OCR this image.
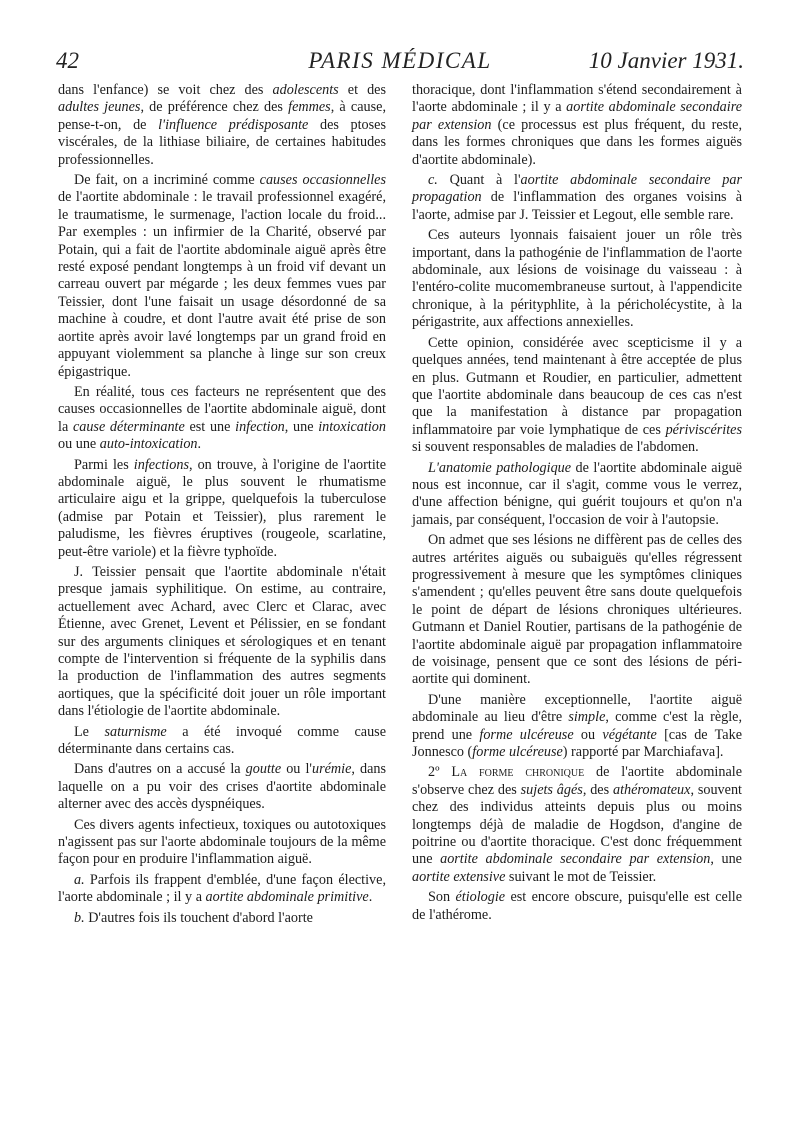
42	PARIS MÉDICAL	10 Janvier 1931.

dans l'enfance) se voit chez des adolescents et des adultes jeunes, de préférence chez des femmes, à cause, pense-t-on, de l'influence prédisposante des ptoses viscérales, de la lithiase biliaire, de certaines habitudes professionnelles.

De fait, on a incriminé comme causes occasionnelles de l'aortite abdominale : le travail professionnel exagéré, le traumatisme, le surmenage, l'action locale du froid... Par exemples : un infirmier de la Charité, observé par Potain, qui a fait de l'aortite abdominale aiguë après être resté exposé pendant longtemps à un froid vif devant un carreau ouvert par mégarde ; les deux femmes vues par Teissier, dont l'une faisait un usage désordonné de sa machine à coudre, et dont l'autre avait été prise de son aortite après avoir lavé longtemps par un grand froid en appuyant violemment sa planche à linge sur son creux épigastrique.

En réalité, tous ces facteurs ne représentent que des causes occasionnelles de l'aortite abdominale aiguë, dont la cause déterminante est une infection, une intoxication ou une auto-intoxication.

Parmi les infections, on trouve, à l'origine de l'aortite abdominale aiguë, le plus souvent le rhumatisme articulaire aigu et la grippe, quelquefois la tuberculose (admise par Potain et Teissier), plus rarement le paludisme, les fièvres éruptives (rougeole, scarlatine, peut-être variole) et la fièvre typhoïde.

J. Teissier pensait que l'aortite abdominale n'était presque jamais syphilitique. On estime, au contraire, actuellement avec Achard, avec Clerc et Clarac, avec Étienne, avec Grenet, Levent et Pélissier, en se fondant sur des arguments cliniques et sérologiques et en tenant compte de l'intervention si fréquente de la syphilis dans la production de l'inflammation des autres segments aortiques, que la spécificité doit jouer un rôle important dans l'étiologie de l'aortite abdominale.

Le saturnisme a été invoqué comme cause déterminante dans certains cas.

Dans d'autres on a accusé la goutte ou l'urémie, dans laquelle on a pu voir des crises d'aortite abdominale alterner avec des accès dyspnéiques.

Ces divers agents infectieux, toxiques ou autotoxiques n'agissent pas sur l'aorte abdominale toujours de la même façon pour en produire l'inflammation aiguë.

a. Parfois ils frappent d'emblée, d'une façon élective, l'aorte abdominale ; il y a aortite abdominale primitive.

b. D'autres fois ils touchent d'abord l'aorte

thoracique, dont l'inflammation s'étend secondairement à l'aorte abdominale ; il y a aortite abdominale secondaire par extension (ce processus est plus fréquent, du reste, dans les formes chroniques que dans les formes aiguës d'aortite abdominale).

c. Quant à l'aortite abdominale secondaire par propagation de l'inflammation des organes voisins à l'aorte, admise par J. Teissier et Legout, elle semble rare.

Ces auteurs lyonnais faisaient jouer un rôle très important, dans la pathogénie de l'inflammation de l'aorte abdominale, aux lésions de voisinage du vaisseau : à l'entéro-colite mucomembraneuse surtout, à l'appendicite chronique, à la pérityphlite, à la péricholécystite, à la périgastrite, aux affections annexielles.

Cette opinion, considérée avec scepticisme il y a quelques années, tend maintenant à être acceptée de plus en plus. Gutmann et Roudier, en particulier, admettent que l'aortite abdominale dans beaucoup de ces cas n'est que la manifestation à distance par propagation inflammatoire par voie lymphatique de ces périviscérites si souvent responsables de maladies de l'abdomen.

L'anatomie pathologique de l'aortite abdominale aiguë nous est inconnue, car il s'agit, comme vous le verrez, d'une affection bénigne, qui guérit toujours et qu'on n'a jamais, par conséquent, l'occasion de voir à l'autopsie.

On admet que ses lésions ne diffèrent pas de celles des autres artérites aiguës ou subaiguës qu'elles régressent progressivement à mesure que les symptômes cliniques s'amendent ; qu'elles peuvent être sans doute quelquefois le point de départ de lésions chroniques ultérieures. Gutmann et Daniel Routier, partisans de la pathogénie de l'aortite abdominale aiguë par propagation inflammatoire de voisinage, pensent que ce sont des lésions de péri-aortite qui dominent.

D'une manière exceptionnelle, l'aortite aiguë abdominale au lieu d'être simple, comme c'est la règle, prend une forme ulcéreuse ou végétante [cas de Take Jonnesco (forme ulcéreuse) rapporté par Marchiafava].

2º La forme chronique de l'aortite abdominale s'observe chez des sujets âgés, des athéromateux, souvent chez des individus atteints depuis plus ou moins longtemps déjà de maladie de Hogdson, d'angine de poitrine ou d'aortite thoracique. C'est donc fréquemment une aortite abdominale secondaire par extension, une aortite extensive suivant le mot de Teissier.

Son étiologie est encore obscure, puisqu'elle est celle de l'athérome.
